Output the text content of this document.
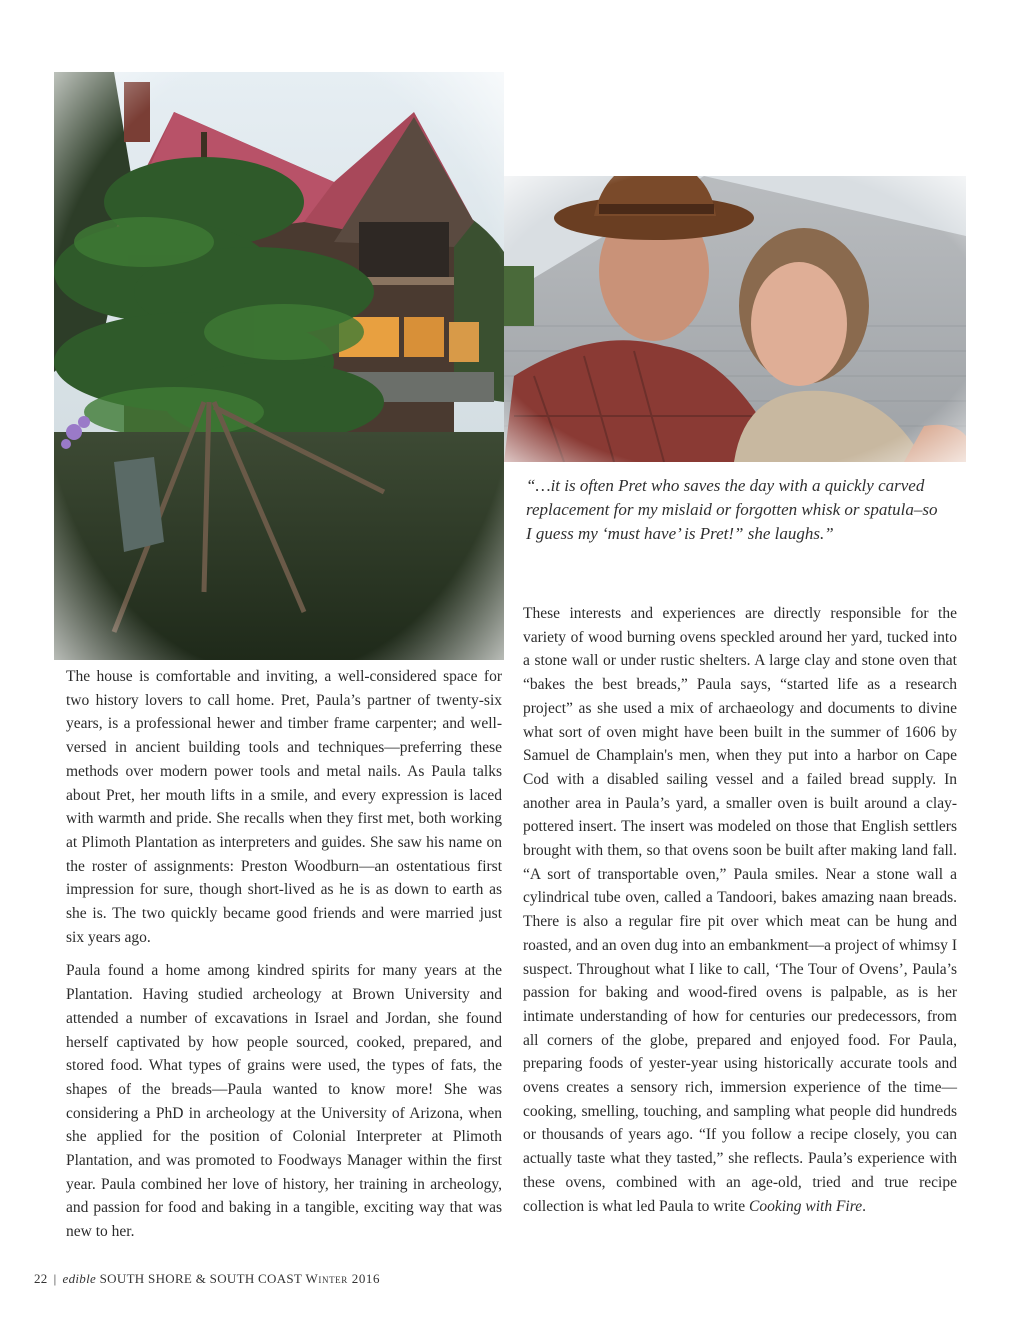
“…it is often Pret who saves the day with a quickly carved

replacement for my mislaid or forgotten whisk or spatula–so

I guess my ‘must have’ is Pret!” she laughs.”

The house is comfortable and inviting, a well-considered space for two history lovers to call home. Pret, Paula’s partner of twenty-six years, is a professional hewer and timber frame carpenter; and well-versed in ancient building tools and techniques—preferring these methods over modern power tools and metal nails. As Paula talks about Pret, her mouth lifts in a smile, and every expression is laced with warmth and pride. She recalls when they first met, both working at Plimoth Plantation as interpreters and guides. She saw his name on the roster of assignments: Preston Woodburn—an ostentatious first impression for sure, though short-lived as he is as down to earth as she is. The two quickly became good friends and were married just six years ago.

Paula found a home among kindred spirits for many years at the Plantation. Having studied archeology at Brown University and attended a number of excavations in Israel and Jordan, she found herself captivated by how people sourced, cooked, prepared, and stored food. What types of grains were used, the types of fats, the shapes of the breads—Paula wanted to know more! She was considering a PhD in archeology at the University of Arizona, when she applied for the position of Colonial Interpreter at Plimoth Plantation, and was promoted to Foodways Manager within the first year. Paula combined her love of history, her training in archeology, and passion for food and baking in a tangible, exciting way that was new to her.

These interests and experiences are directly responsible for the variety of wood burning ovens speckled around her yard, tucked into a stone wall or under rustic shelters. A large clay and stone oven that “bakes the best breads,” Paula says, “started life as a research project” as she used a mix of archaeology and documents to divine what sort of oven might have been built in the summer of 1606 by Samuel de Champlain's men, when they put into a harbor on Cape Cod with a disabled sailing vessel and a failed bread supply. In another area in Paula’s yard, a smaller oven is built around a clay-pottered insert. The insert was modeled on those that English settlers brought with them, so that ovens soon be built after making land fall. “A sort of transportable oven,” Paula smiles. Near a stone wall a cylindrical tube oven, called a Tandoori, bakes amazing naan breads. There is also a regular fire pit over which meat can be hung and roasted, and an oven dug into an embankment—a project of whimsy I suspect. Throughout what I like to call, ‘The Tour of Ovens’, Paula’s passion for baking and wood-fired ovens is palpable, as is her intimate understanding of how for centuries our predecessors, from all corners of the globe, prepared and enjoyed food. For Paula, preparing foods of yester-year using historically accurate tools and ovens creates a sensory rich, immersion experience of the time—cooking, smelling, touching, and sampling what people did hundreds or thousands of years ago. “If you follow a recipe closely, you can actually taste what they tasted,” she reflects. Paula’s experience with these ovens, combined with an age-old, tried and true recipe collection is what led Paula to write Cooking with Fire.

22 | edible SOUTH SHORE & SOUTH COAST Winter 2016
